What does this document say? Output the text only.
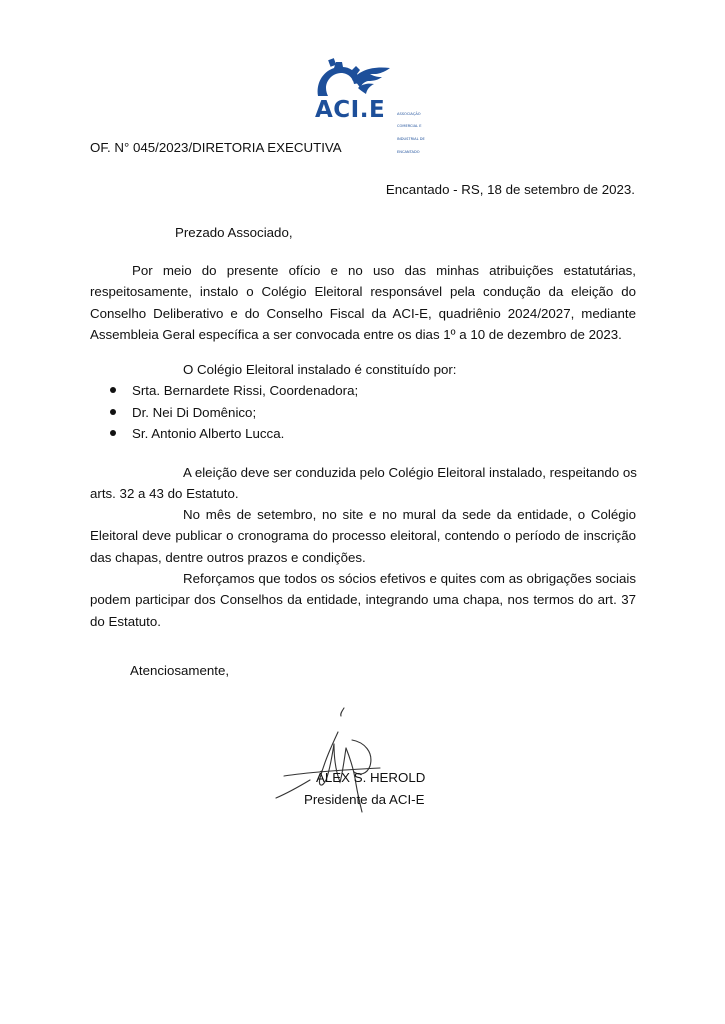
ACI.E

	ASSOCIAÇÃO

COMERCIAL E

INDUSTRIAL DE

ENCANTADO

OF. N° 045/2023/DIRETORIA EXECUTIVA
Encantado - RS, 18 de setembro de 2023.
Prezado Associado,
Por meio do presente ofício e no uso das minhas atribuições estatutárias,
respeitosamente, instalo o Colégio Eleitoral responsável pela condução da eleição do
Conselho Deliberativo e do Conselho Fiscal da ACI-E, quadriênio 2024/2027, mediante
Assembleia Geral específica a ser convocada entre os dias 1º a 10 de dezembro de 2023.
O Colégio Eleitoral instalado é constituído por:
Srta. Bernardete Rissi, Coordenadora;
Dr. Nei Di Domênico;
Sr. Antonio Alberto Lucca.
A eleição deve ser conduzida pelo Colégio Eleitoral instalado, respeitando os
arts. 32 a 43 do Estatuto.
No mês de setembro, no site e no mural da sede da entidade, o Colégio
Eleitoral deve publicar o cronograma do processo eleitoral, contendo o período de inscrição
das chapas, dentre outros prazos e condições.
Reforçamos que todos os sócios efetivos e quites com as obrigações sociais
podem participar dos Conselhos da entidade, integrando uma chapa, nos termos do art. 37
do Estatuto.
Atenciosamente,
ÁLEX S. HEROLD
Presidente da ACI-E
